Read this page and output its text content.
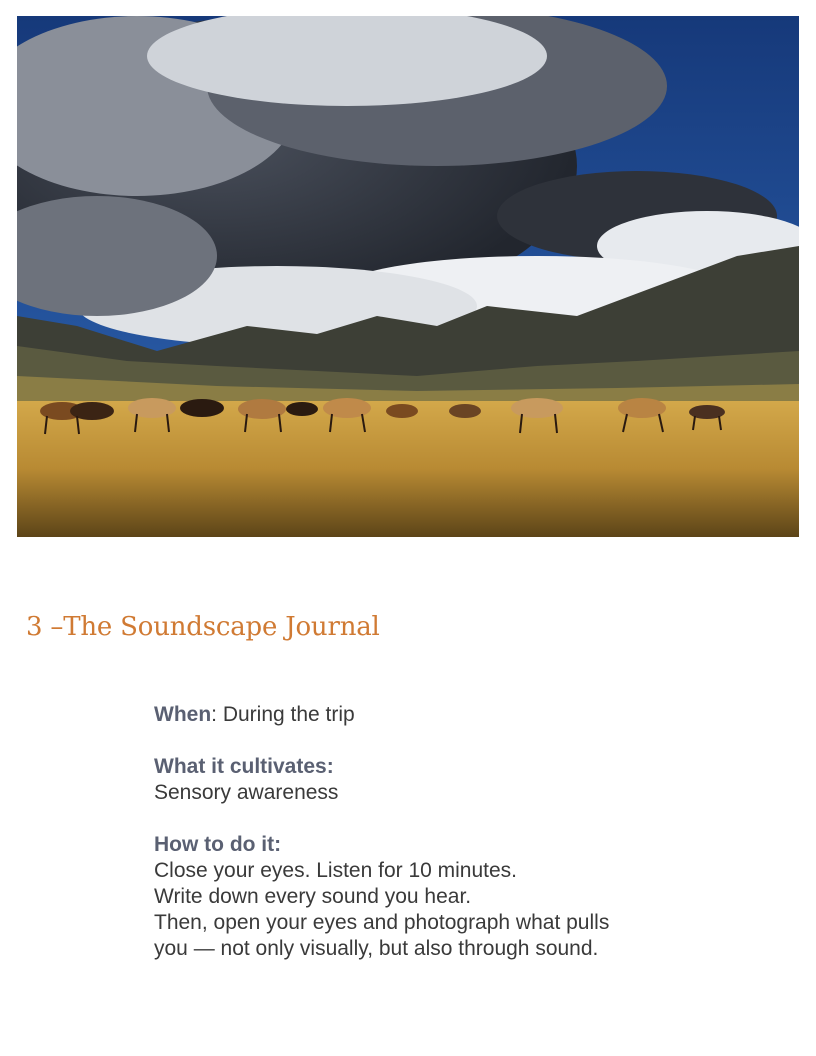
3 –The Soundscape Journal

When: During the trip

What it cultivates:
Sensory awareness

How to do it:
Close your eyes. Listen for 10 minutes.
Write down every sound you hear.
Then, open your eyes and photograph what pulls
you — not only visually, but also through sound.
